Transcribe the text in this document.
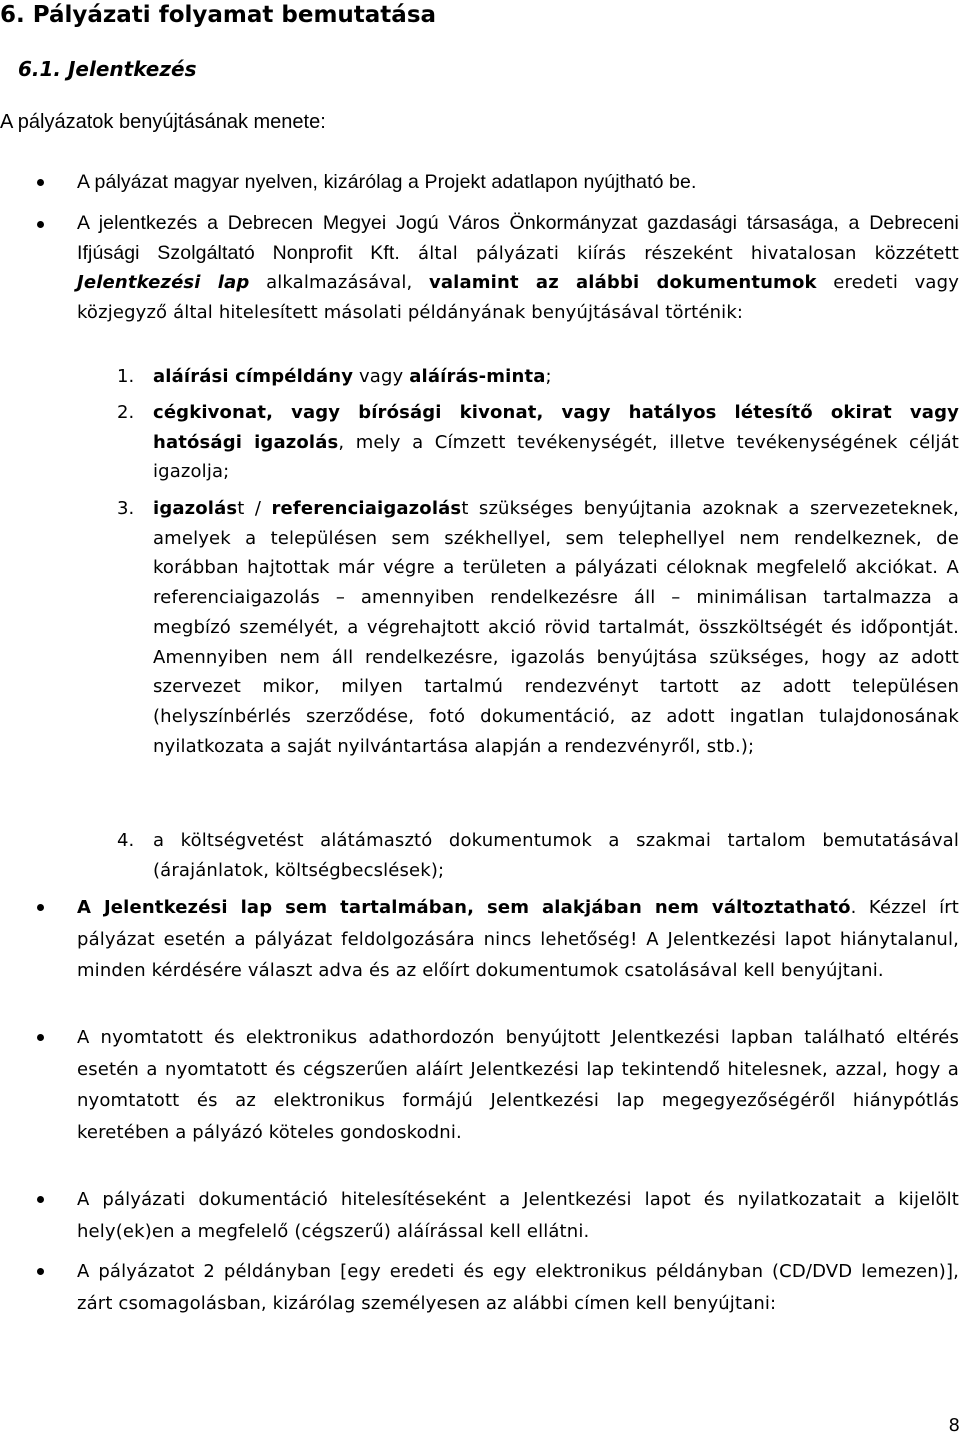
6. Pályázati folyamat bemutatása
6.1. Jelentkezés
A pályázatok benyújtásának menete:
A pályázat magyar nyelven, kizárólag a Projekt adatlapon nyújtható be.
A jelentkezés a Debrecen Megyei Jogú Város Önkormányzat gazdasági társasága, a Debreceni Ifjúsági Szolgáltató Nonprofit Kft. által pályázati kiírás részeként hivatalosan közzétett Jelentkezési lap alkalmazásával, valamint az alábbi dokumentumok eredeti vagy közjegyző által hitelesített másolati példányának benyújtásával történik:
1. aláírási címpéldány vagy aláírás-minta;
2. cégkivonat, vagy bírósági kivonat, vagy hatályos létesítő okirat vagy hatósági igazolás, mely a Címzett tevékenységét, illetve tevékenységének célját igazolja;
3. igazolást / referenciaigazolást szükséges benyújtania azoknak a szervezeteknek, amelyek a településen sem székhellyel, sem telephellyel nem rendelkeznek, de korábban hajtottak már végre a területen a pályázati céloknak megfelelő akciókat. A referenciaigazolás – amennyiben rendelkezésre áll – minimálisan tartalmazza a megbízó személyét, a végrehajtott akció rövid tartalmát, összköltségét és időpontját. Amennyiben nem áll rendelkezésre, igazolás benyújtása szükséges, hogy az adott szervezet mikor, milyen tartalmú rendezvényt tartott az adott településen (helyszínbérlés szerződése, fotó dokumentáció, az adott ingatlan tulajdonosának nyilatkozata a saját nyilvántartása alapján a rendezvényről, stb.);
4. a költségvetést alátámasztó dokumentumok a szakmai tartalom bemutatásával (árajánlatok, költségbecslések);
A Jelentkezési lap sem tartalmában, sem alakjában nem változtatható. Kézzel írt pályázat esetén a pályázat feldolgozására nincs lehetőség! A Jelentkezési lapot hiánytalanul, minden kérdésére választ adva és az előírt dokumentumok csatolásával kell benyújtani.
A nyomtatott és elektronikus adathordozón benyújtott Jelentkezési lapban található eltérés esetén a nyomtatott és cégszerűen aláírt Jelentkezési lap tekintendő hitelesnek, azzal, hogy a nyomtatott és az elektronikus formájú Jelentkezési lap megegyezőségéről hiánypótlás keretében a pályázó köteles gondoskodni.
A pályázati dokumentáció hitelesítéseként a Jelentkezési lapot és nyilatkozatait a kijelölt hely(ek)en a megfelelő (cégszerű) aláírással kell ellátni.
A pályázatot 2 példányban [egy eredeti és egy elektronikus példányban (CD/DVD lemezen)], zárt csomagolásban, kizárólag személyesen az alábbi címen kell benyújtani:
8
